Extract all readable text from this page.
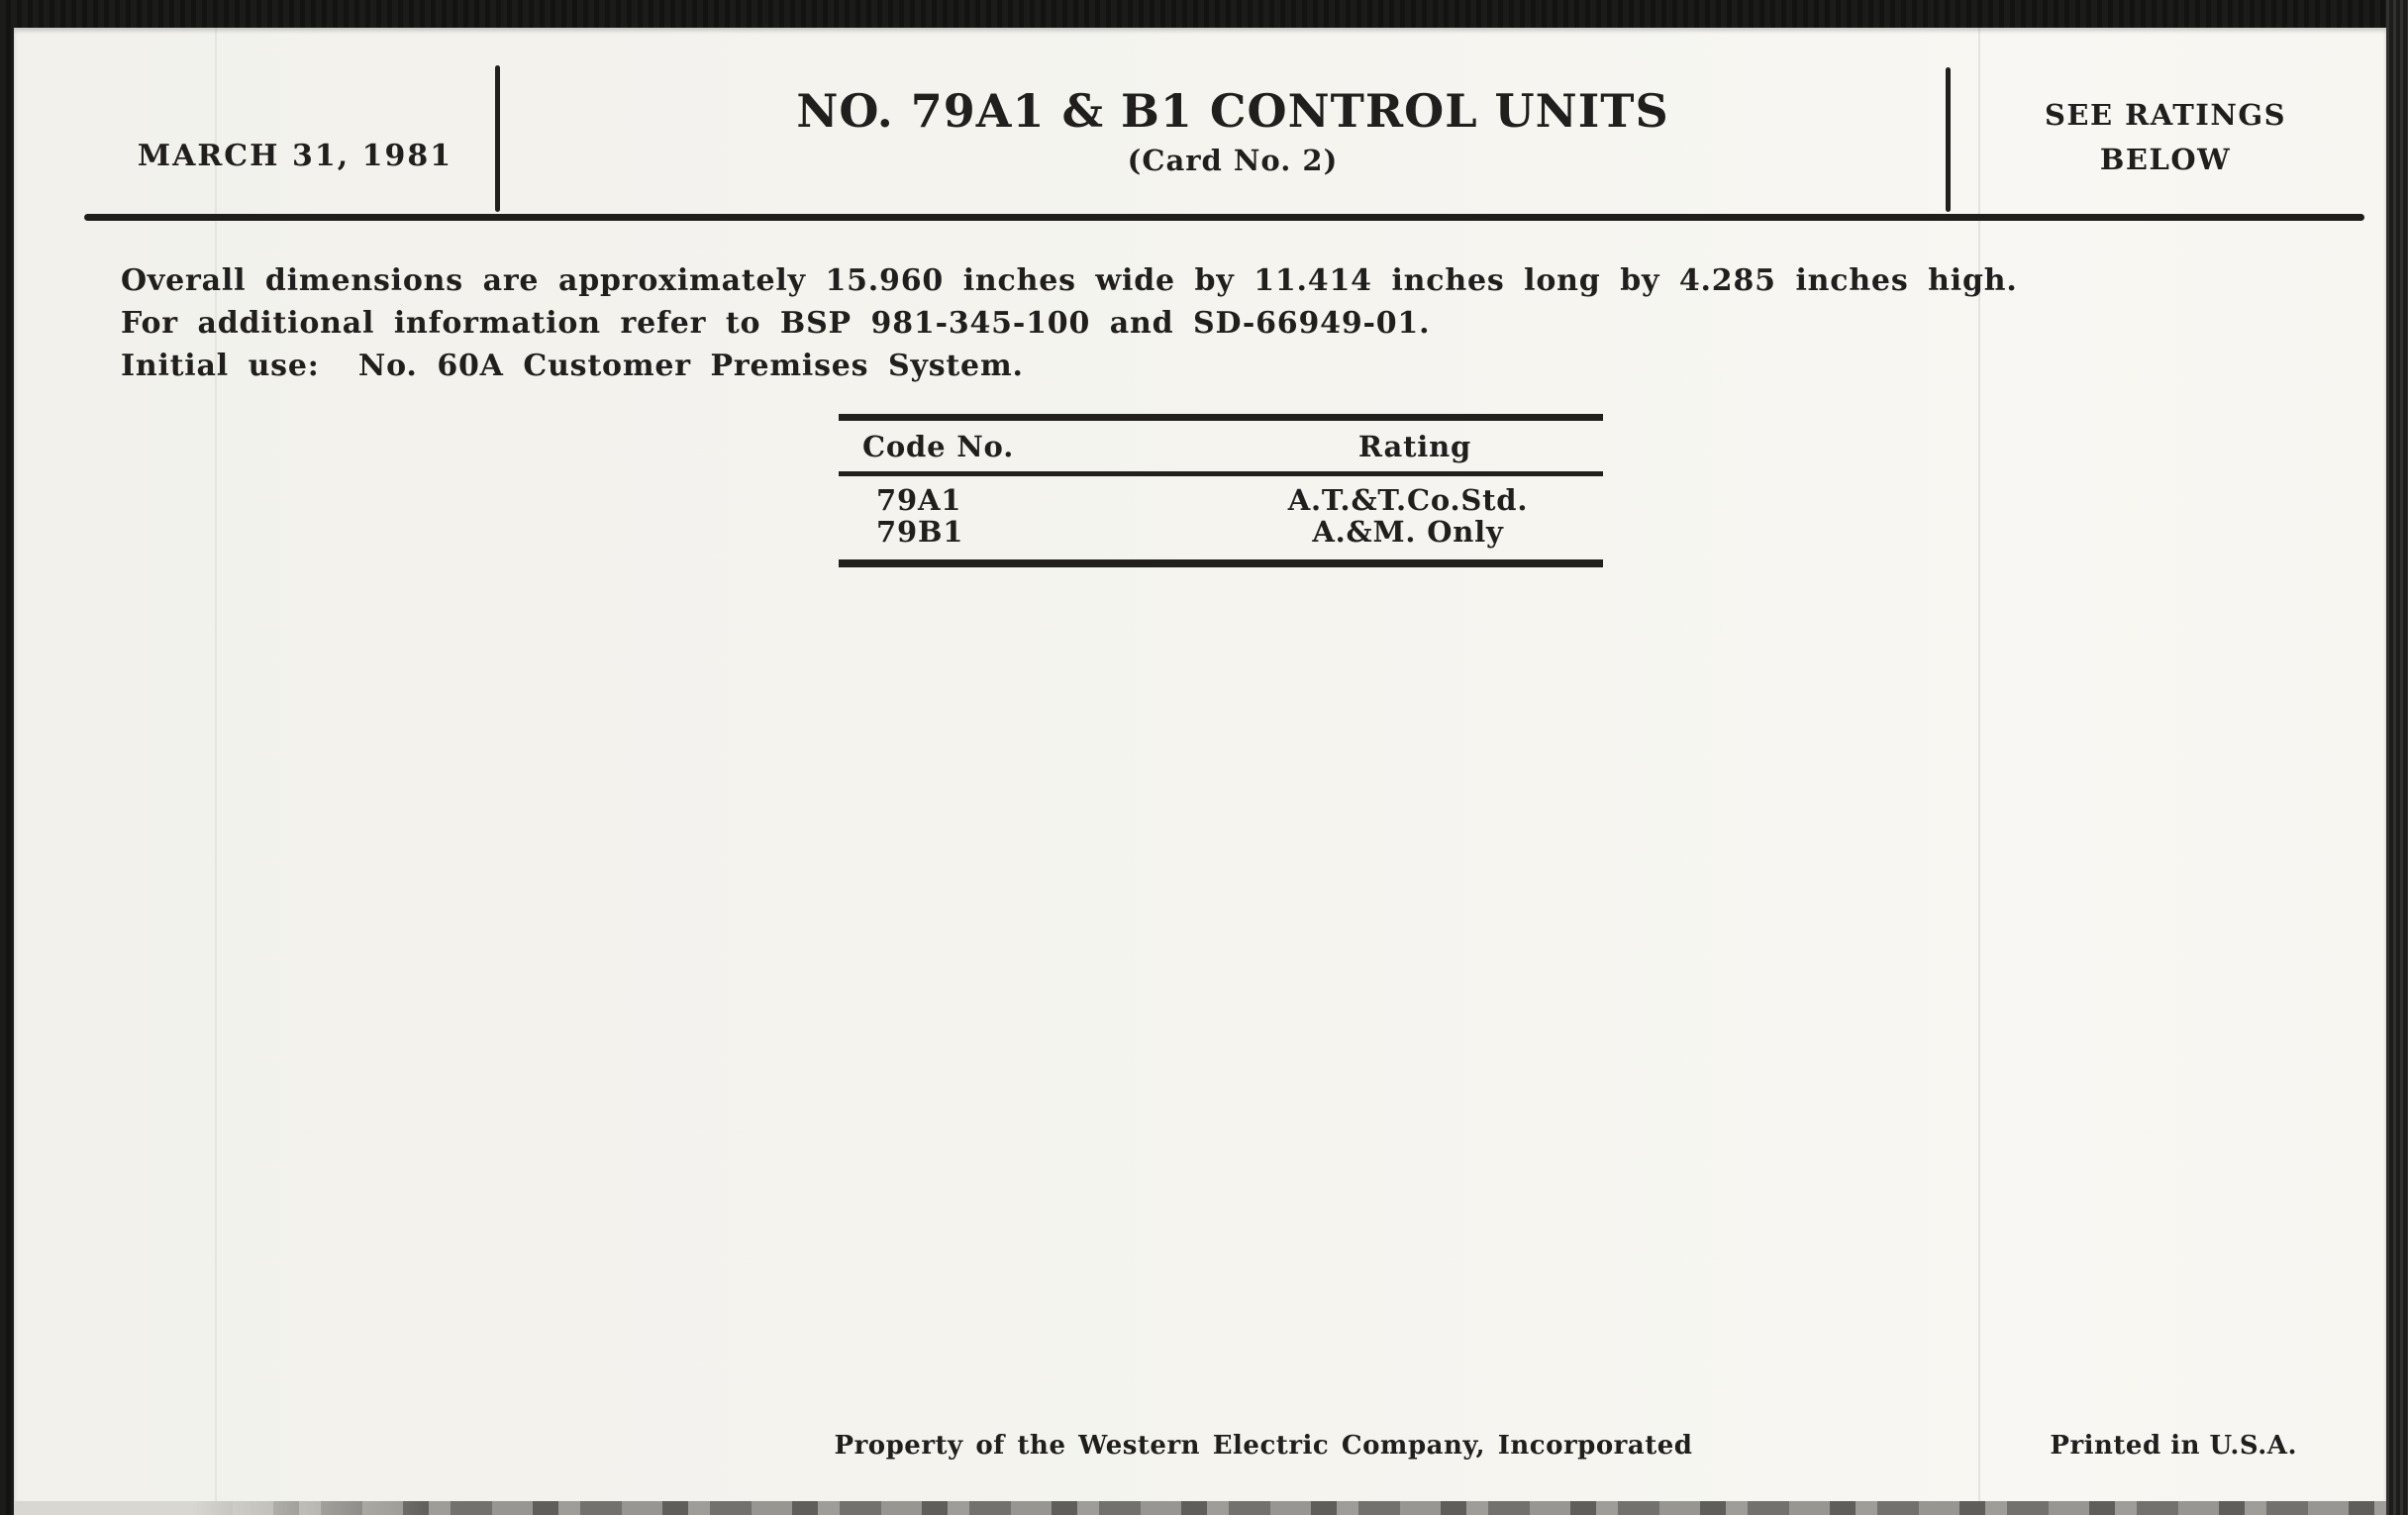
MARCH 31, 1981
NO. 79A1 & B1 CONTROL UNITS
(Card No. 2)
SEE RATINGS
BELOW
Overall dimensions are approximately 15.960 inches wide by 11.414 inches long by 4.285 inches high.
For additional information refer to BSP 981-345-100 and SD-66949-01.
Initial use:  No. 60A Customer Premises System.
Code No.	Rating
79A1	A.T.&T.Co.Std.
79B1	A.&M. Only
Property of the Western Electric Company, Incorporated	Printed in U.S.A.
